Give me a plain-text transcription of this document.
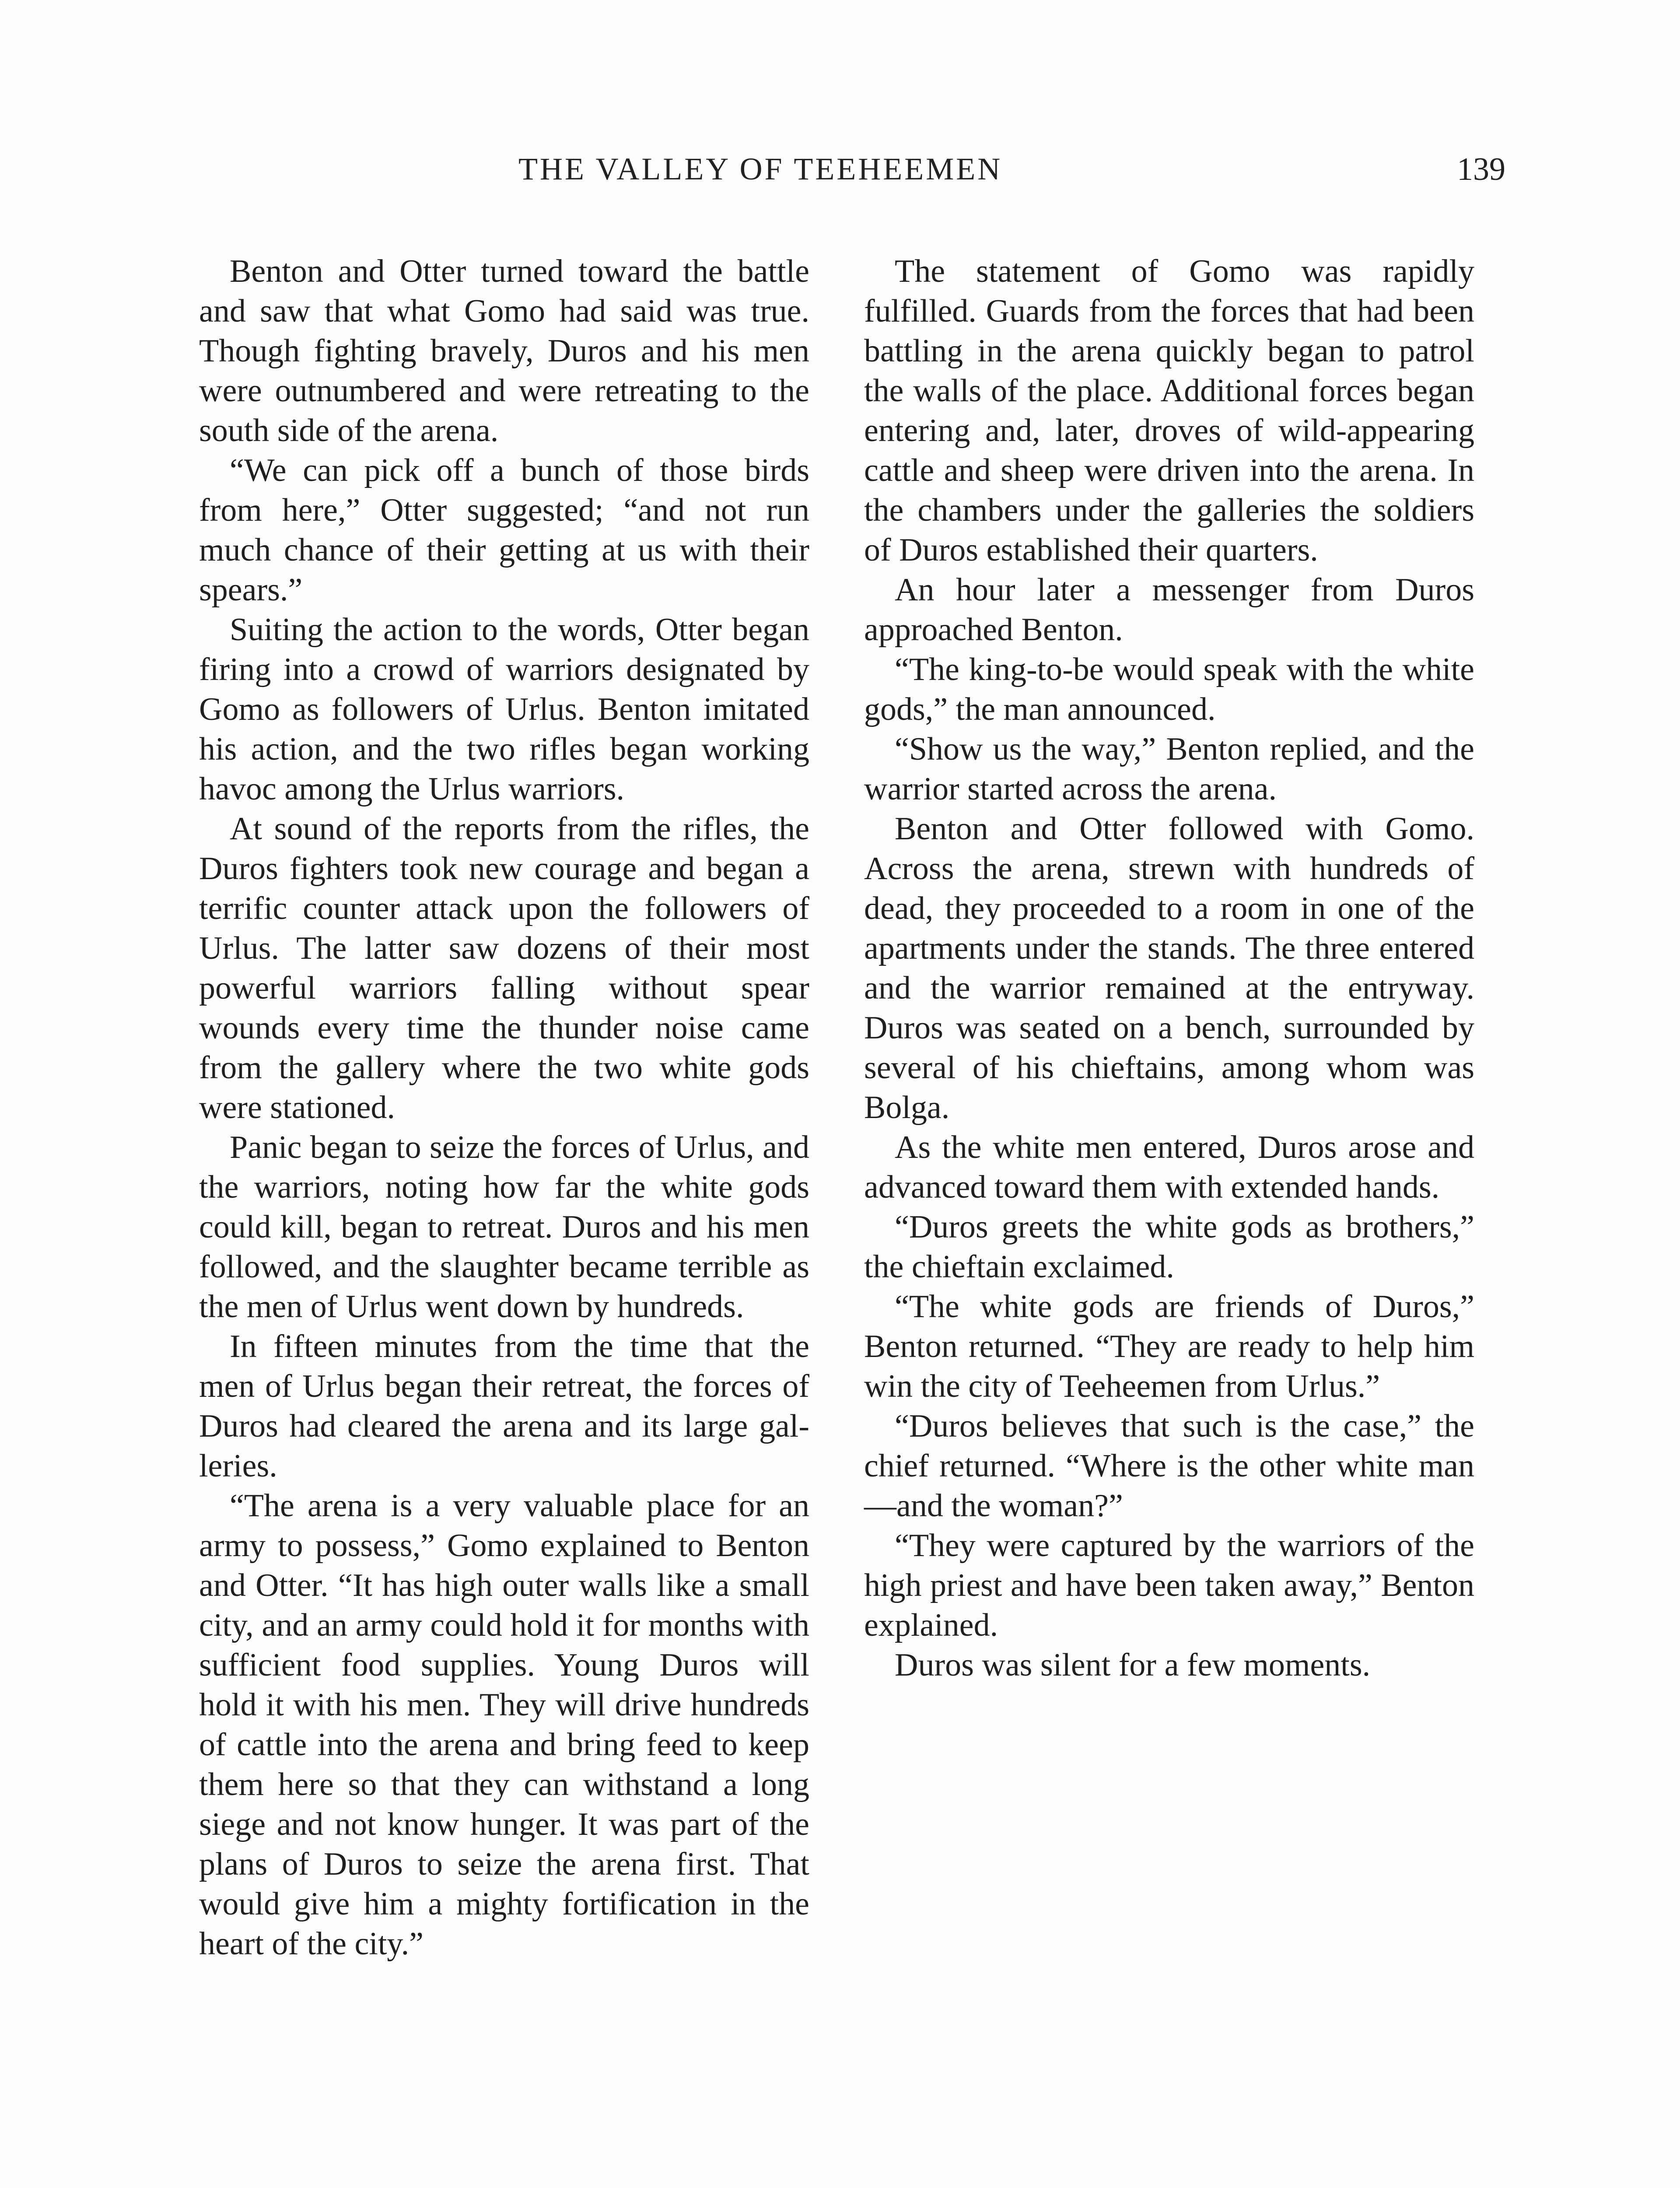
THE VALLEY OF TEEHEEMEN	139

Benton and Otter turned toward the battle and saw that what Gomo had said was true. Though fighting bravely, Duros and his men were outnumbered and were retreating to the south side of the arena.

“We can pick off a bunch of those birds from here,” Otter suggested; “and not run much chance of their getting at us with their spears.”

Suiting the action to the words, Otter began firing into a crowd of warriors designated by Gomo as followers of Urlus. Benton imitated his action, and the two rifles began working havoc among the Urlus warriors.

At sound of the reports from the rifles, the Duros fighters took new courage and began a terrific counter attack upon the followers of Urlus. The latter saw dozens of their most powerful warriors falling without spear wounds every time the thunder noise came from the gallery where the two white gods were stationed.

Panic began to seize the forces of Urlus, and the warriors, noting how far the white gods could kill, began to retreat. Duros and his men followed, and the slaughter became terrible as the men of Urlus went down by hundreds.

In fifteen minutes from the time that the men of Urlus began their retreat, the forces of Duros had cleared the arena and its large galleries.

“The arena is a very valuable place for an army to possess,” Gomo explained to Benton and Otter. “It has high outer walls like a small city, and an army could hold it for months with sufficient food supplies. Young Duros will hold it with his men. They will drive hundreds of cattle into the arena and bring feed to keep them here so that they can withstand a long siege and not know hunger. It was part of the plans of Duros to seize the arena first. That would give him a mighty fortification in the heart of the city.”

The statement of Gomo was rapidly fulfilled. Guards from the forces that had been battling in the arena quickly began to patrol the walls of the place. Additional forces began entering and, later, droves of wild-appearing cattle and sheep were driven into the arena. In the chambers under the galleries the soldiers of Duros established their quarters.

An hour later a messenger from Duros approached Benton.

“The king-to-be would speak with the white gods,” the man announced.

“Show us the way,” Benton replied, and the warrior started across the arena.

Benton and Otter followed with Gomo. Across the arena, strewn with hundreds of dead, they proceeded to a room in one of the apartments under the stands. The three entered and the warrior remained at the entryway. Duros was seated on a bench, surrounded by several of his chieftains, among whom was Bolga.

As the white men entered, Duros arose and advanced toward them with extended hands.

“Duros greets the white gods as brothers,” the chieftain exclaimed.

“The white gods are friends of Duros,” Benton returned. “They are ready to help him win the city of Teeheemen from Urlus.”

“Duros believes that such is the case,” the chief returned. “Where is the other white man—and the woman?”

“They were captured by the warriors of the high priest and have been taken away,” Benton explained.

Duros was silent for a few moments.
